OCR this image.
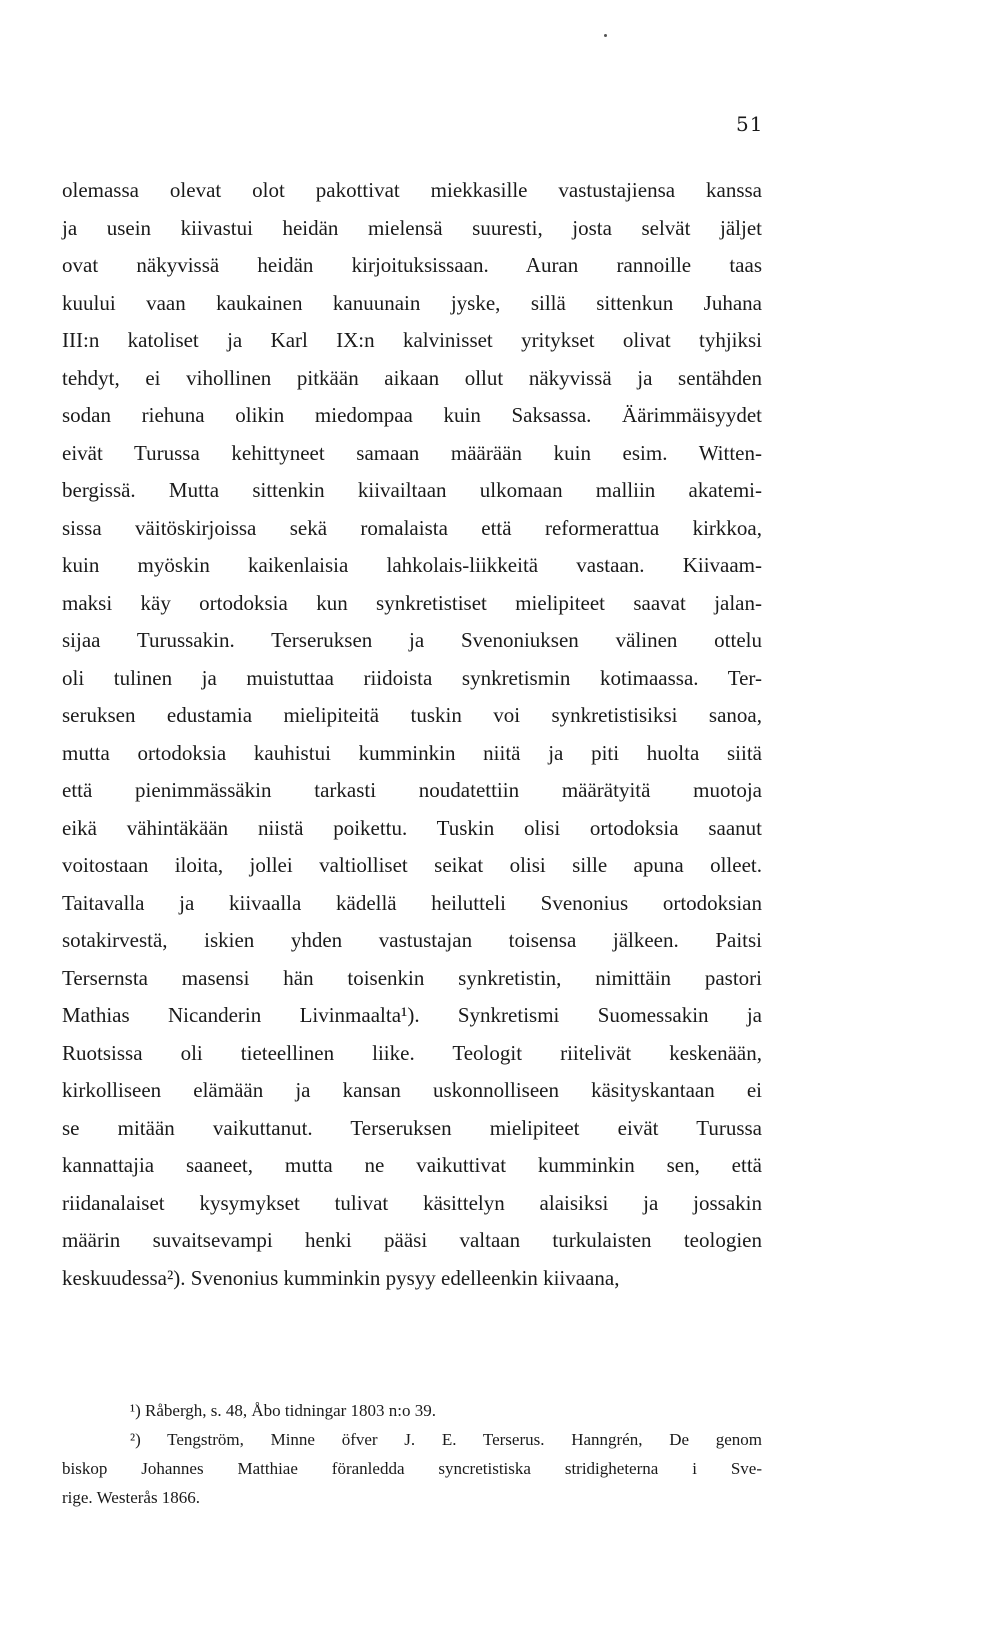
51
olemassa olevat olot pakottivat miekkasille vastustajiensa kanssa
ja usein kiivastui heidän mielensä suuresti, josta selvät jäljet
ovat näkyvissä heidän kirjoituksissaan. Auran rannoille taas
kuului vaan kaukainen kanuunain jyske, sillä sittenkun Juhana
III:n katoliset ja Karl IX:n kalvinisset yritykset olivat tyhjiksi
tehdyt, ei vihollinen pitkään aikaan ollut näkyvissä ja sentähden
sodan riehuna olikin miedompaa kuin Saksassa. Äärimmäisyydet
eivät Turussa kehittyneet samaan määrään kuin esim. Witten-
bergissä. Mutta sittenkin kiivailtaan ulkomaan malliin akatemi-
sissa väitöskirjoissa sekä romalaista että reformerattua kirkkoa,
kuin myöskin kaikenlaisia lahkolais-liikkeitä vastaan. Kiivaam-
maksi käy ortodoksia kun synkretistiset mielipiteet saavat jalan-
sijaa Turussakin. Terseruksen ja Svenoniuksen välinen ottelu
oli tulinen ja muistuttaa riidoista synkretismin kotimaassa. Ter-
seruksen edustamia mielipiteitä tuskin voi synkretistisiksi sanoa,
mutta ortodoksia kauhistui kumminkin niitä ja piti huolta siitä
että pienimmässäkin tarkasti noudatettiin määrätyitä muotoja
eikä vähintäkään niistä poikettu. Tuskin olisi ortodoksia saanut
voitostaan iloita, jollei valtiolliset seikat olisi sille apuna olleet.
Taitavalla ja kiivaalla kädellä heilutteli Svenonius ortodoksian
sotakirvestä, iskien yhden vastustajan toisensa jälkeen. Paitsi
Tersernsta masensi hän toisenkin synkretistin, nimittäin pastori
Mathias Nicanderin Livinmaalta¹). Synkretismi Suomessakin ja
Ruotsissa oli tieteellinen liike. Teologit riitelivät keskenään,
kirkolliseen elämään ja kansan uskonnolliseen käsityskantaan ei
se mitään vaikuttanut. Terseruksen mielipiteet eivät Turussa
kannattajia saaneet, mutta ne vaikuttivat kumminkin sen, että
riidanalaiset kysymykset tulivat käsittelyn alaisiksi ja jossakin
määrin suvaitsevampi henki pääsi valtaan turkulaisten teologien
keskuudessa²). Svenonius kumminkin pysyy edelleenkin kiivaana,
¹) Råbergh, s. 48, Åbo tidningar 1803 n:o 39.
²) Tengström, Minne öfver J. E. Terserus. Hanngrén, De genom
biskop Johannes Matthiae föranledda syncretistiska stridigheterna i Sve-
rige. Westerås 1866.
